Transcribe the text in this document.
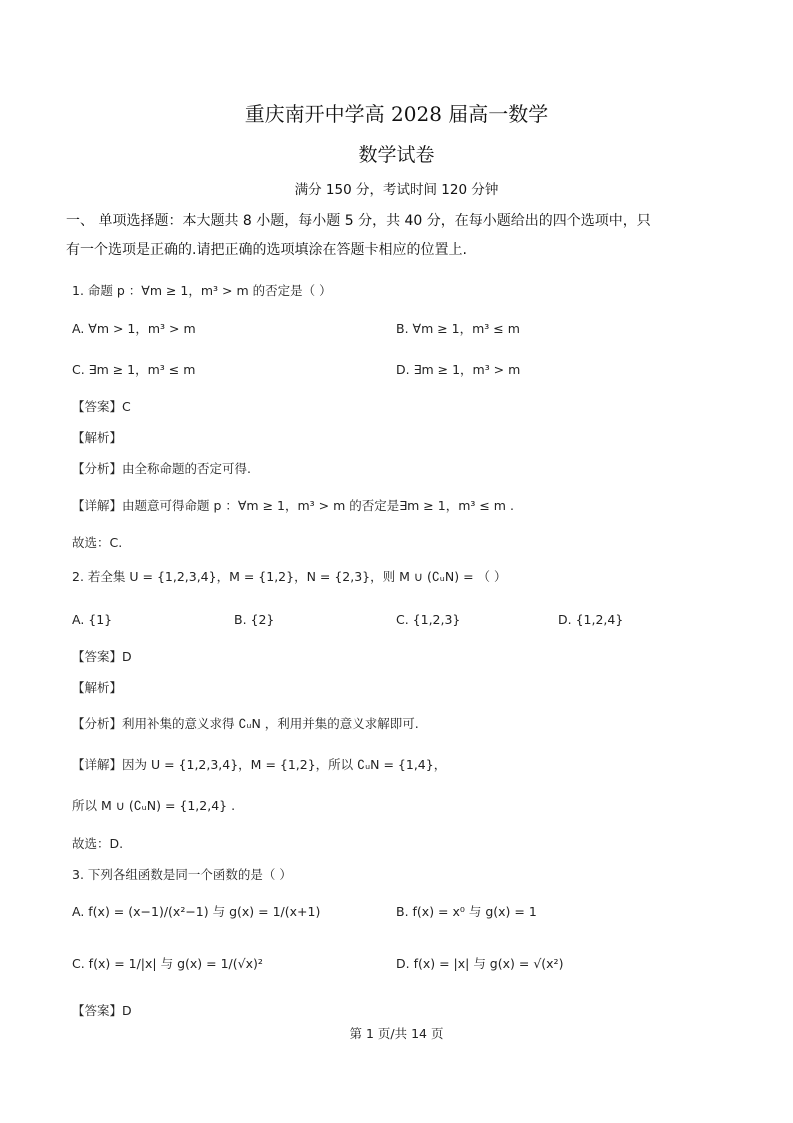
重庆南开中学高 2028 届高一数学
数学试卷
满分 150 分，考试时间 120 分钟
一、 单项选择题：本大题共 8 小题，每小题 5 分，共 40 分，在每小题给出的四个选项中，只
有一个选项是正确的.请把正确的选项填涂在答题卡相应的位置上.
1. 命题 p ：∀m ≥ 1，m³ > m 的否定是（ ）
A. ∀m > 1，m³ > m	B. ∀m ≥ 1，m³ ≤ m
C. ∃m ≥ 1，m³ ≤ m	D. ∃m ≥ 1，m³ > m
【答案】C
【解析】
【分析】由全称命题的否定可得.
【详解】由题意可得命题 p ：∀m ≥ 1，m³ > m 的否定是∃m ≥ 1，m³ ≤ m .
故选：C.
2. 若全集 U = {1,2,3,4}，M = {1,2}，N = {2,3}，则 M ∪ (∁ᵤN) = （ ）
A. {1}	B. {2}	C. {1,2,3}	D. {1,2,4}
【答案】D
【解析】
【分析】利用补集的意义求得 ∁ᵤN ，利用并集的意义求解即可.
【详解】因为 U = {1,2,3,4}，M = {1,2}，所以 ∁ᵤN = {1,4}，
所以 M ∪ (∁ᵤN) = {1,2,4} .
故选：D.
3. 下列各组函数是同一个函数的是（ ）
A. f(x) = (x−1)/(x²−1) 与 g(x) = 1/(x+1)	B. f(x) = x⁰ 与 g(x) = 1
C. f(x) = 1/|x| 与 g(x) = 1/(√x)²	D. f(x) = |x| 与 g(x) = √(x²)
【答案】D
第 1 页/共 14 页
